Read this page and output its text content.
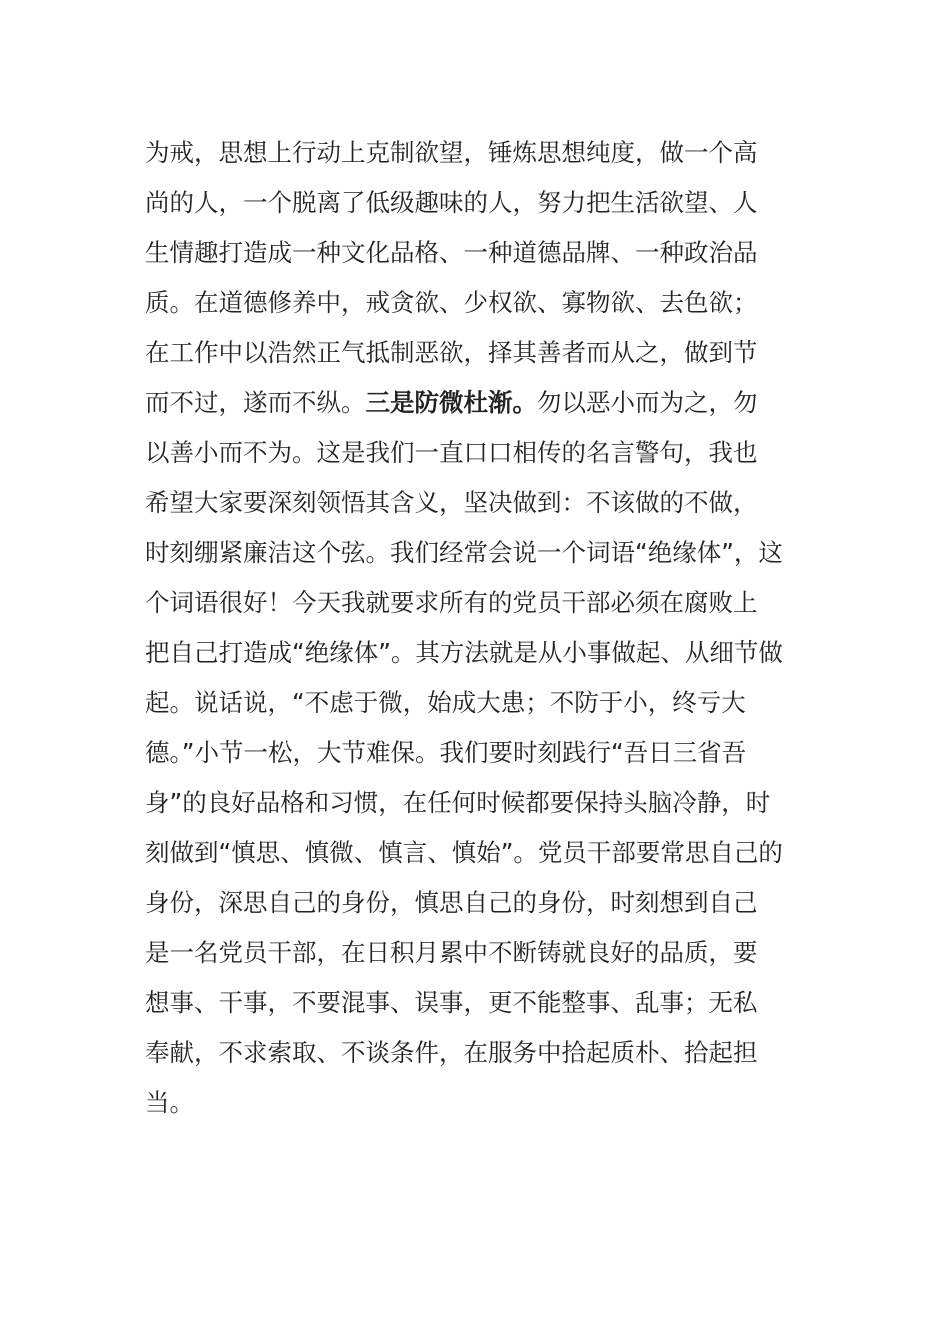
为戒，思想上行动上克制欲望，锤炼思想纯度，做一个高
尚的人，一个脱离了低级趣味的人，努力把生活欲望、人
生情趣打造成一种文化品格、一种道德品牌、一种政治品
质。在道德修养中，戒贪欲、少权欲、寡物欲、去色欲；
在工作中以浩然正气抵制恶欲，择其善者而从之，做到节
而不过，遂而不纵。三是防微杜渐。勿以恶小而为之，勿
以善小而不为。这是我们一直口口相传的名言警句，我也
希望大家要深刻领悟其含义，坚决做到：不该做的不做，
时刻绷紧廉洁这个弦。我们经常会说一个词语“绝缘体”，这
个词语很好！今天我就要求所有的党员干部必须在腐败上
把自己打造成“绝缘体”。其方法就是从小事做起、从细节做
起。说话说，“不虑于微，始成大患；不防于小，终亏大
德。”小节一松，大节难保。我们要时刻践行“吾日三省吾
身”的良好品格和习惯，在任何时候都要保持头脑冷静，时
刻做到“慎思、慎微、慎言、慎始”。党员干部要常思自己的
身份，深思自己的身份，慎思自己的身份，时刻想到自己
是一名党员干部，在日积月累中不断铸就良好的品质，要
想事、干事，不要混事、误事，更不能整事、乱事；无私
奉献，不求索取、不谈条件，在服务中拾起质朴、拾起担
当。
